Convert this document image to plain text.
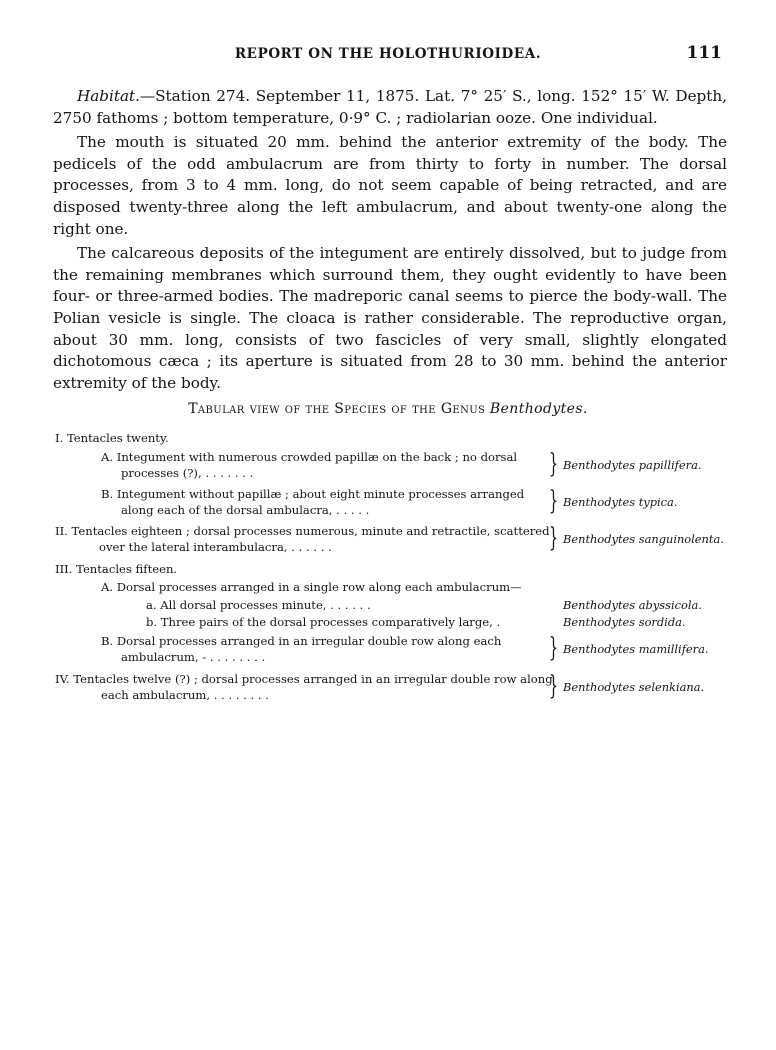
REPORT ON THE HOLOTHURIOIDEA.	111

Habitat.—Station 274. September 11, 1875. Lat. 7° 25′ S., long. 152° 15′ W. Depth, 2750 fathoms ; bottom temperature, 0·9° C. ; radiolarian ooze. One individual.

The mouth is situated 20 mm. behind the anterior extremity of the body. The pedicels of the odd ambulacrum are from thirty to forty in number. The dorsal processes, from 3 to 4 mm. long, do not seem capable of being retracted, and are disposed twenty-three along the left ambulacrum, and about twenty-one along the right one.

The calcareous deposits of the integument are entirely dissolved, but to judge from the remaining membranes which surround them, they ought evidently to have been four- or three-armed bodies. The madreporic canal seems to pierce the body-wall. The Polian vesicle is single. The cloaca is rather considerable. The reproductive organ, about 30 mm. long, consists of two fascicles of very small, slightly elongated dichotomous cæca ; its aperture is situated from 28 to 30 mm. behind the anterior extremity of the body.

Tabular view of the Species of the Genus Benthodytes.
I. Tentacles twenty.
A. Integument with numerous crowded papillæ on the back ; no dorsal
processes (?), . . . . . . .	} Benthodytes papillifera.
B. Integument without papillæ ; about eight minute processes arranged
along each of the dorsal ambulacra, . . . . .	} Benthodytes typica.
II. Tentacles eighteen ; dorsal processes numerous, minute and retractile, scattered
over the lateral interambulacra, . . . . . .	} Benthodytes sanguinolenta.
III. Tentacles fifteen.
A. Dorsal processes arranged in a single row along each ambulacrum—
a. All dorsal processes minute, . . . . . .	Benthodytes abyssicola.
b. Three pairs of the dorsal processes comparatively large, .	Benthodytes sordida.
B. Dorsal processes arranged in an irregular double row along each
ambulacrum, - . . . . . . . .	} Benthodytes mamillifera.
IV. Tentacles twelve (?) ; dorsal processes arranged in an irregular double row along
each ambulacrum, . . . . . . . .	} Benthodytes selenkiana.
